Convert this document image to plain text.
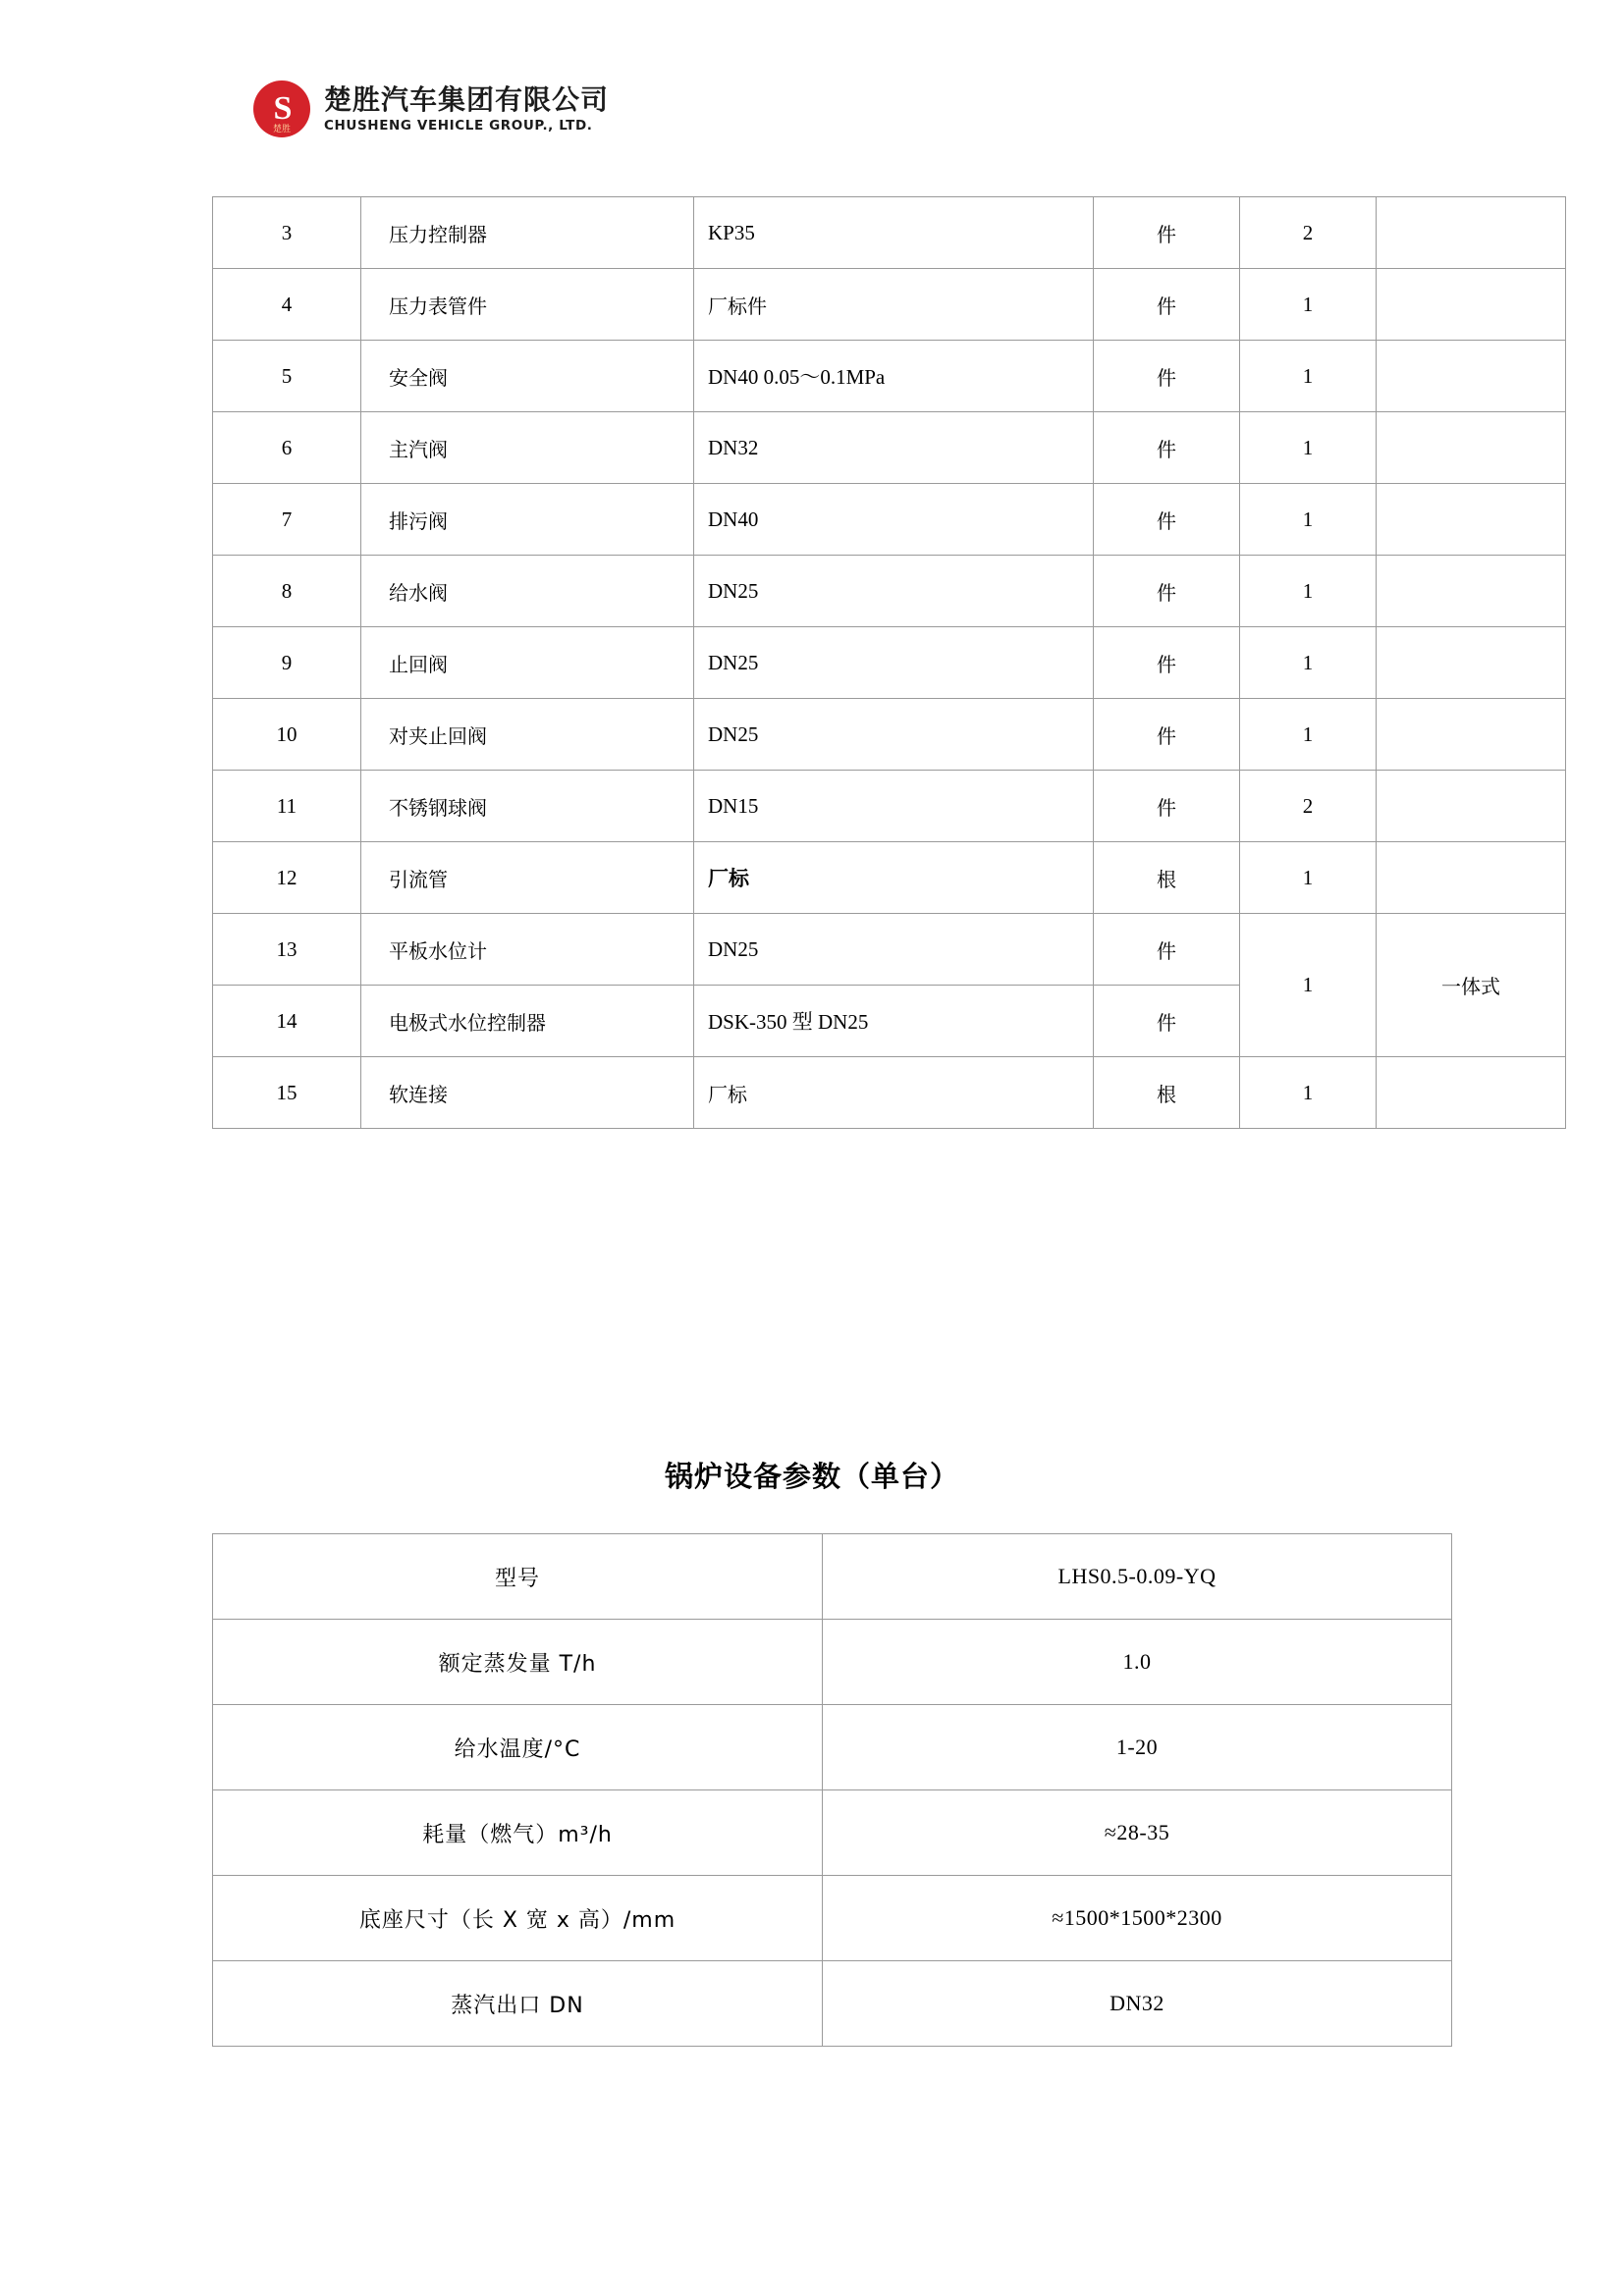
S
楚胜
楚胜汽车集团有限公司
CHUSHENG VEHICLE GROUP., LTD.
3	压力控制器	KP35	件	2	
4	压力表管件	厂标件	件	1	
5	安全阀	DN40 0.05～0.1MPa	件	1	
6	主汽阀	DN32	件	1	
7	排污阀	DN40	件	1	
8	给水阀	DN25	件	1	
9	止回阀	DN25	件	1	
10	对夹止回阀	DN25	件	1	
11	不锈钢球阀	DN15	件	2	
12	引流管	厂标	根	1	
13	平板水位计	DN25	件	1	一体式
14	电极式水位控制器	DSK-350 型 DN25	件		
15	软连接	厂标	根	1	
锅炉设备参数（单台）
型号	LHS0.5-0.09-YQ
额定蒸发量 T/h	1.0
给水温度/°C	1-20
耗量（燃气）m³/h	≈28-35
底座尺寸（长 X 宽 x 高）/mm	≈1500*1500*2300
蒸汽出口 DN	DN32
